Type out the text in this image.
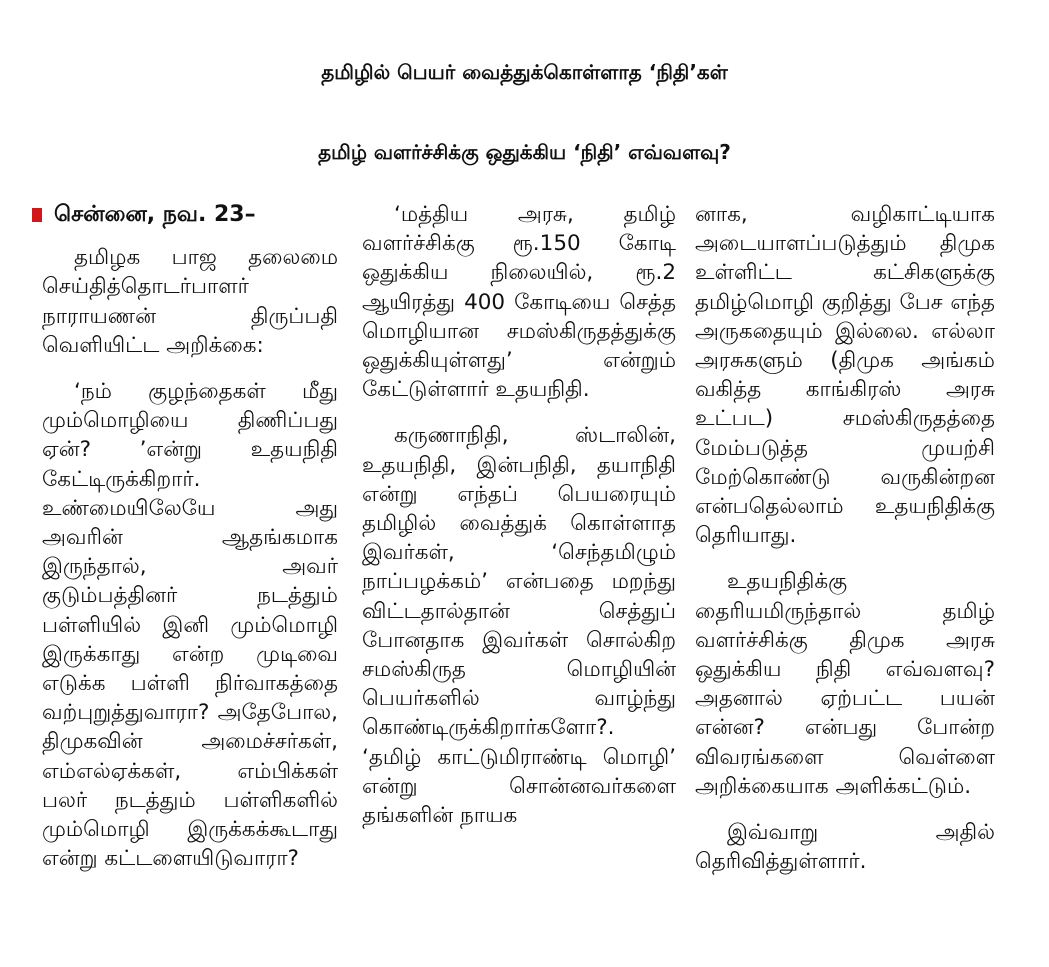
தமிழில் பெயர் வைத்துக்கொள்ளாத ‘நிதி’கள்
தமிழ் வளர்ச்சிக்கு ஒதுக்கிய ‘நிதி’ எவ்வளவு?
சென்னை, நவ. 23–

தமிழக பாஜ தலைமை செய்தித்தொடர்பாளர் நாராயணன் திருப்பதி வெளியிட்ட அறிக்கை:

‘நம் குழந்தைகள் மீது மும்மொழியை திணிப்பது ஏன்? ’என்று உதயநிதி கேட்டிருக்கிறார். உண்மையிலேயே அது அவரின் ஆதங்கமாக இருந்தால், அவர் குடும்பத்தினர் நடத்தும் பள்ளியில் இனி மும்மொழி இருக்காது என்ற முடிவை எடுக்க பள்ளி நிர்வாகத்தை வற்புறுத்துவாரா? அதேபோல, திமுகவின் அமைச்சர்கள், எம்எல்ஏக்கள், எம்பிக்கள் பலர் நடத்தும் பள்ளிகளில் மும்மொழி இருக்கக்கூடாது என்று கட்டளையிடுவாரா?

‘மத்திய அரசு, தமிழ் வளர்ச்சிக்கு ரூ.150 கோடி ஒதுக்கிய நிலையில், ரூ.2 ஆயிரத்து 400 கோடியை செத்த மொழியான சமஸ்கிருதத்துக்கு ஒதுக்கியுள்ளது’ என்றும் கேட்டுள்ளார் உதயநிதி.

கருணாநிதி, ஸ்டாலின், உதயநிதி, இன்பநிதி, தயாநிதி என்று எந்தப் பெயரையும் தமிழில் வைத்துக் கொள்ளாத இவர்கள், ‘செந்தமிழும் நாப்பழக்கம்’ என்பதை மறந்து விட்டதால்தான் செத்துப் போனதாக இவர்கள் சொல்கிற சமஸ்கிருத மொழியின் பெயர்களில் வாழ்ந்து கொண்டிருக்கிறார்களோ?. ‘தமிழ் காட்டுமிராண்டி மொழி’ என்று சொன்னவர்களை தங்களின் நாயக

னாக, வழிகாட்டியாக அடையாளப்படுத்தும் திமுக உள்ளிட்ட கட்சிகளுக்கு தமிழ்மொழி குறித்து பேச எந்த அருகதையும் இல்லை. எல்லா அரசுகளும் (திமுக அங்கம் வகித்த காங்கிரஸ் அரசு உட்பட) சமஸ்கிருதத்தை மேம்படுத்த முயற்சி மேற்கொண்டு வருகின்றன என்பதெல்லாம் உதயநிதிக்கு தெரியாது.

உதயநிதிக்கு தைரியமிருந்தால் தமிழ் வளர்ச்சிக்கு திமுக அரசு ஒதுக்கிய நிதி எவ்வளவு? அதனால் ஏற்பட்ட பயன் என்ன? என்பது போன்ற விவரங்களை வெள்ளை அறிக்கையாக அளிக்கட்டும்.

இவ்வாறு அதில் தெரிவித்துள்ளார்.
